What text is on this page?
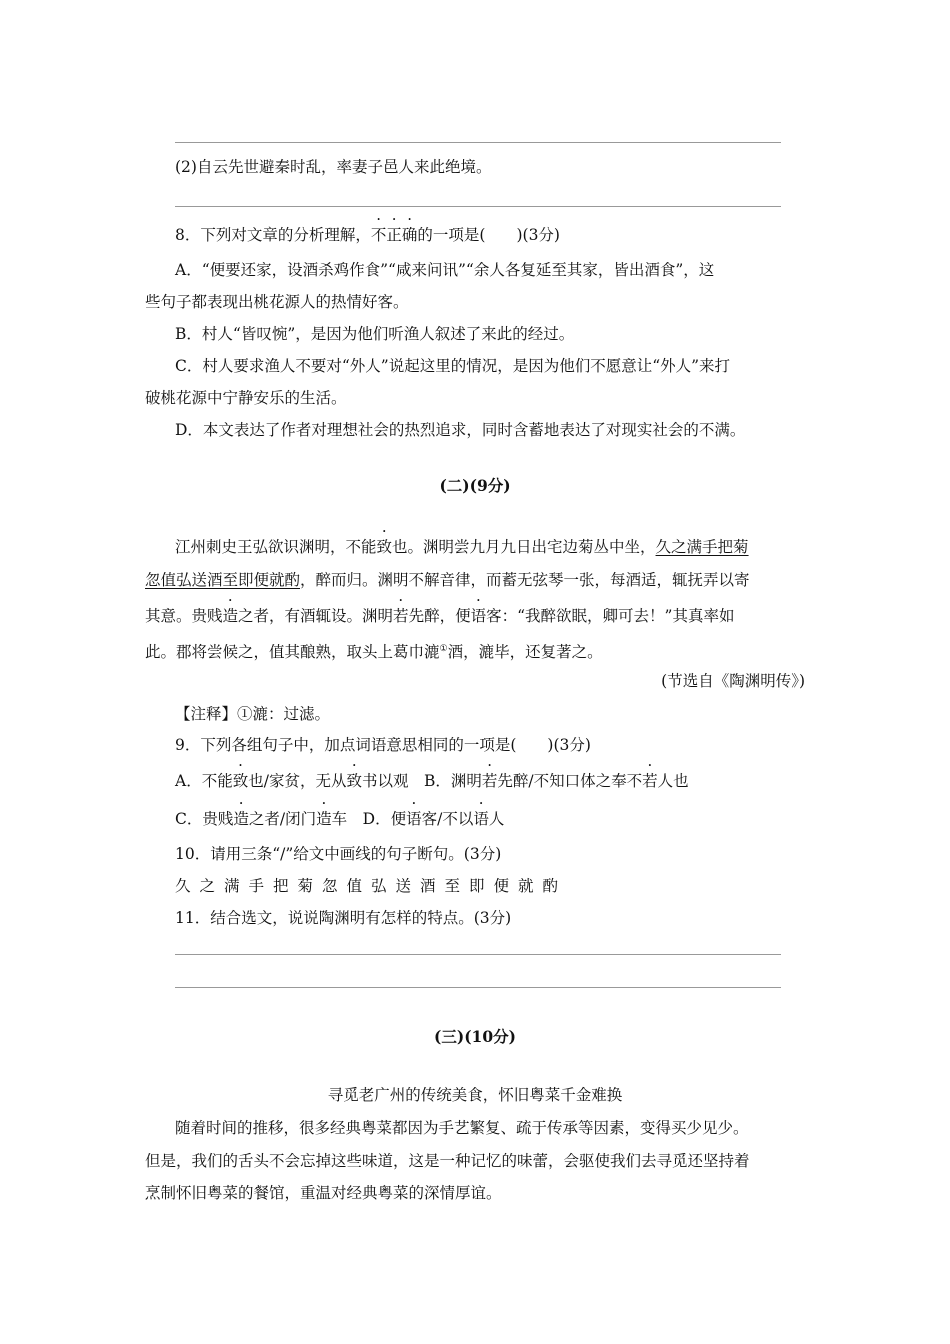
(2)自云先世避秦时乱，率妻子邑人来此绝境。
8．下列对文章的分析理解，不正确的一项是(　　)(3分)
A．“便要还家，设酒杀鸡作食”“咸来问讯”“余人各复延至其家，皆出酒食”，这
些句子都表现出桃花源人的热情好客。
B．村人“皆叹惋”，是因为他们听渔人叙述了来此的经过。
C．村人要求渔人不要对“外人”说起这里的情况，是因为他们不愿意让“外人”来打
破桃花源中宁静安乐的生活。
D．本文表达了作者对理想社会的热烈追求，同时含蓄地表达了对现实社会的不满。
(二)(9分)
江州刺史王弘欲识渊明，不能致也。渊明尝九月九日出宅边菊丛中坐，久之满手把菊
忽值弘送酒至即便就酌，醉而归。渊明不解音律，而蓄无弦琴一张，每酒适，辄抚弄以寄
其意。贵贱造之者，有酒辄设。渊明若先醉，便语客：“我醉欲眠，卿可去！”其真率如
此。郡将尝候之，值其酿熟，取头上葛巾漉①酒，漉毕，还复著之。
(节选自《陶渊明传》)
【注释】①漉：过滤。
9．下列各组句子中，加点词语意思相同的一项是(　　)(3分)
A．不能致也/家贫，无从致书以观　B．渊明若先醉/不知口体之奉不若人也
C．贵贱造之者/闭门造车　D．便语客/不以语人
10．请用三条“/”给文中画线的句子断句。(3分)
久之满手把菊忽值弘送酒至即便就酌
11．结合选文，说说陶渊明有怎样的特点。(3分)
(三)(10分)
寻觅老广州的传统美食，怀旧粤菜千金难换
随着时间的推移，很多经典粤菜都因为手艺繁复、疏于传承等因素，变得买少见少。
但是，我们的舌头不会忘掉这些味道，这是一种记忆的味蕾，会驱使我们去寻觅还坚持着
烹制怀旧粤菜的餐馆，重温对经典粤菜的深情厚谊。
